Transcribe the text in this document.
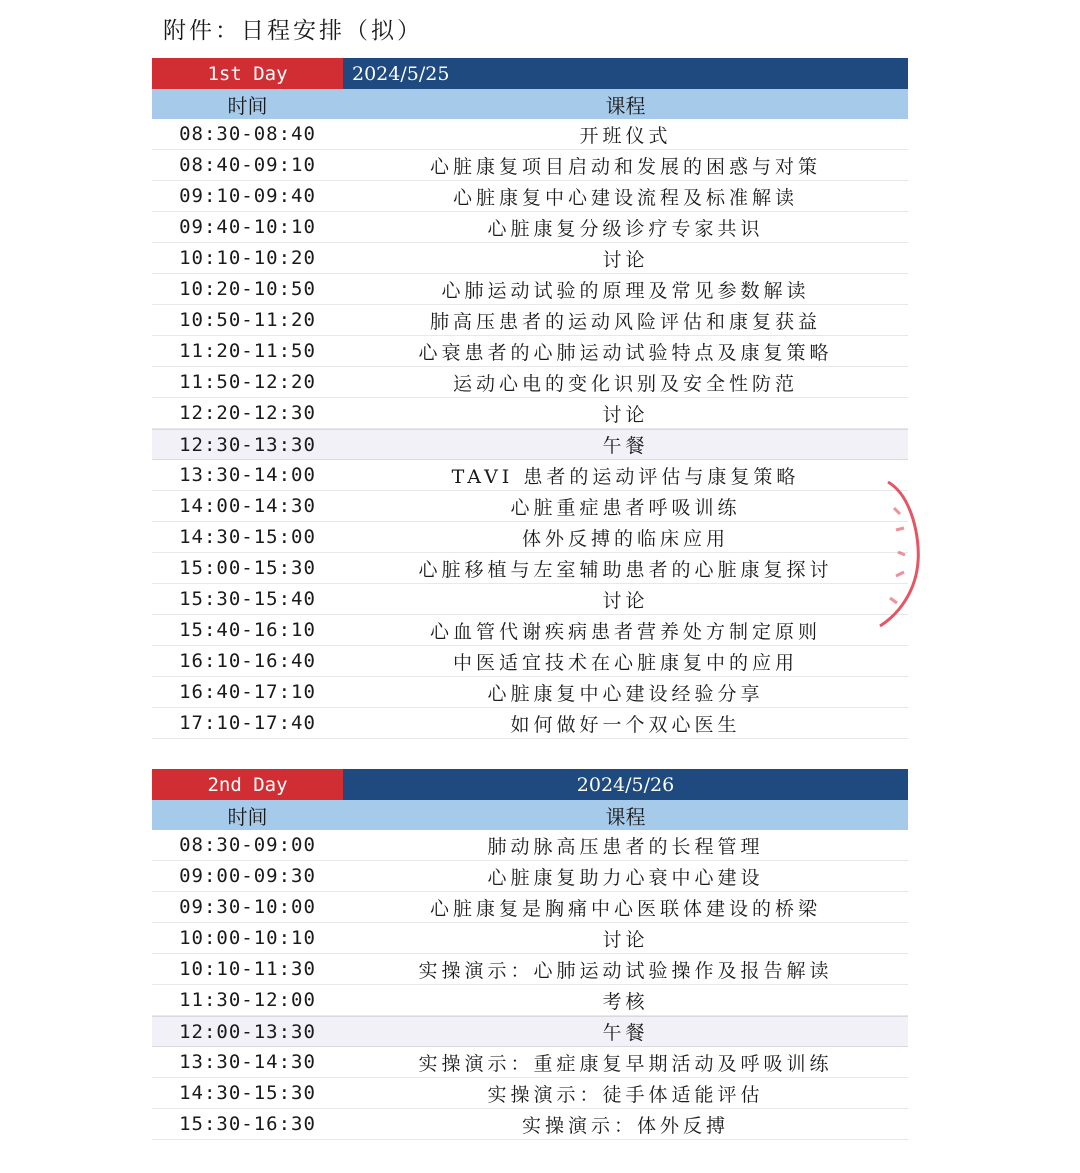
附件：日程安排（拟）
1st Day	2024/5/25
时间	课程
08:30-08:40	开班仪式
08:40-09:10	心脏康复项目启动和发展的困惑与对策
09:10-09:40	心脏康复中心建设流程及标准解读
09:40-10:10	心脏康复分级诊疗专家共识
10:10-10:20	讨论
10:20-10:50	心肺运动试验的原理及常见参数解读
10:50-11:20	肺高压患者的运动风险评估和康复获益
11:20-11:50	心衰患者的心肺运动试验特点及康复策略
11:50-12:20	运动心电的变化识别及安全性防范
12:20-12:30	讨论
12:30-13:30	午餐
13:30-14:00	TAVI 患者的运动评估与康复策略
14:00-14:30	心脏重症患者呼吸训练
14:30-15:00	体外反搏的临床应用
15:00-15:30	心脏移植与左室辅助患者的心脏康复探讨
15:30-15:40	讨论
15:40-16:10	心血管代谢疾病患者营养处方制定原则
16:10-16:40	中医适宜技术在心脏康复中的应用
16:40-17:10	心脏康复中心建设经验分享
17:10-17:40	如何做好一个双心医生
2nd Day	2024/5/26
时间	课程
08:30-09:00	肺动脉高压患者的长程管理
09:00-09:30	心脏康复助力心衰中心建设
09:30-10:00	心脏康复是胸痛中心医联体建设的桥梁
10:00-10:10	讨论
10:10-11:30	实操演示：心肺运动试验操作及报告解读
11:30-12:00	考核
12:00-13:30	午餐
13:30-14:30	实操演示：重症康复早期活动及呼吸训练
14:30-15:30	实操演示：徒手体适能评估
15:30-16:30	实操演示：体外反搏
